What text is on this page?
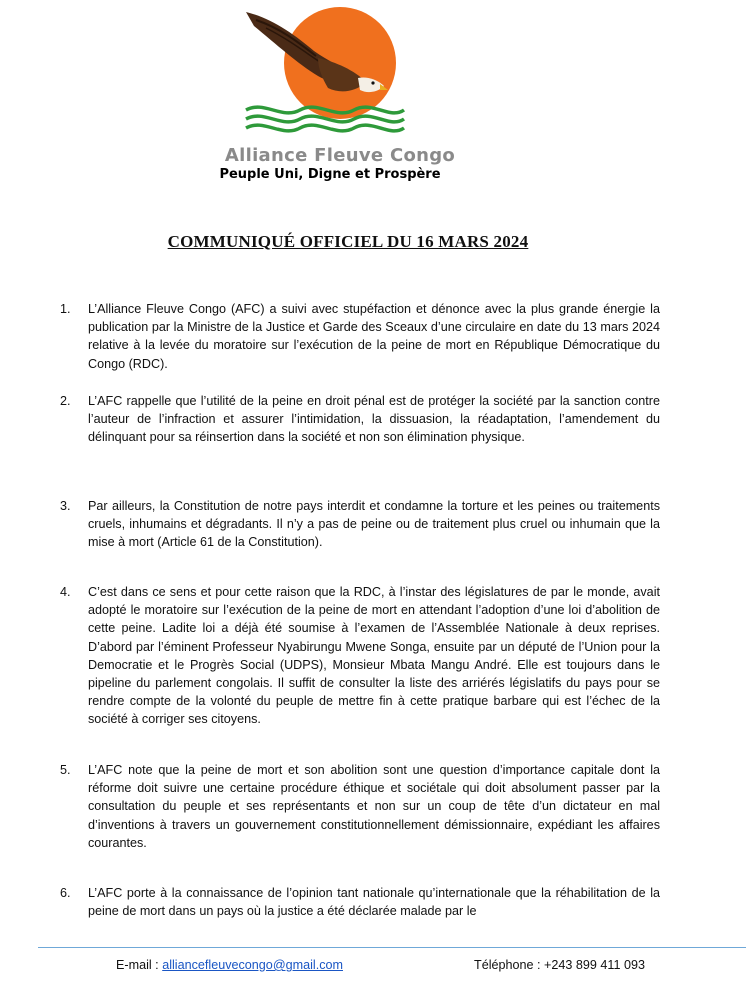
Alliance Fleuve Congo
Peuple Uni, Digne et Prospère
COMMUNIQUÉ OFFICIEL DU 16 MARS 2024
1. L’Alliance Fleuve Congo (AFC) a suivi avec stupéfaction et dénonce avec la plus grande énergie la publication par la Ministre de la Justice et Garde des Sceaux d’une circulaire en date du 13 mars 2024 relative à la levée du moratoire sur l’exécution de la peine de mort en République Démocratique du Congo (RDC).
2. L’AFC rappelle que l’utilité de la peine en droit pénal est de protéger la société par la sanction contre l’auteur de l’infraction et assurer l’intimidation, la dissuasion, la réadaptation, l’amendement du délinquant pour sa réinsertion dans la société et non son élimination physique.
3. Par ailleurs, la Constitution de notre pays interdit et condamne la torture et les peines ou traitements cruels, inhumains et dégradants. Il n’y a pas de peine ou de traitement plus cruel ou inhumain que la mise à mort (Article 61 de la Constitution).
4. C’est dans ce sens et pour cette raison que la RDC, à l’instar des législatures de par le monde, avait adopté le moratoire sur l’exécution de la peine de mort en attendant l’adoption d’une loi d’abolition de cette peine. Ladite loi a déjà été soumise à l’examen de l’Assemblée Nationale à deux reprises. D’abord par l’éminent Professeur Nyabirungu Mwene Songa, ensuite par un député de l’Union pour la Democratie et le Progrès Social (UDPS), Monsieur Mbata Mangu André. Elle est toujours dans le pipeline du parlement congolais. Il suffit de consulter la liste des arriérés législatifs du pays pour se rendre compte de la volonté du peuple de mettre fin à cette pratique barbare qui est l’échec de la société à corriger ses citoyens.
5. L’AFC note que la peine de mort et son abolition sont une question d’importance capitale dont la réforme doit suivre une certaine procédure éthique et sociétale qui doit absolument passer par la consultation du peuple et ses représentants et non sur un coup de tête d’un dictateur en mal d’inventions à travers un gouvernement constitutionnellement démissionnaire, expédiant les affaires courantes.
6. L’AFC porte à la connaissance de l’opinion tant nationale qu’internationale que la réhabilitation de la peine de mort dans un pays où la justice a été déclarée malade par le
E-mail : alliancefleuvecongo@gmail.com	Téléphone : +243 899 411 093
